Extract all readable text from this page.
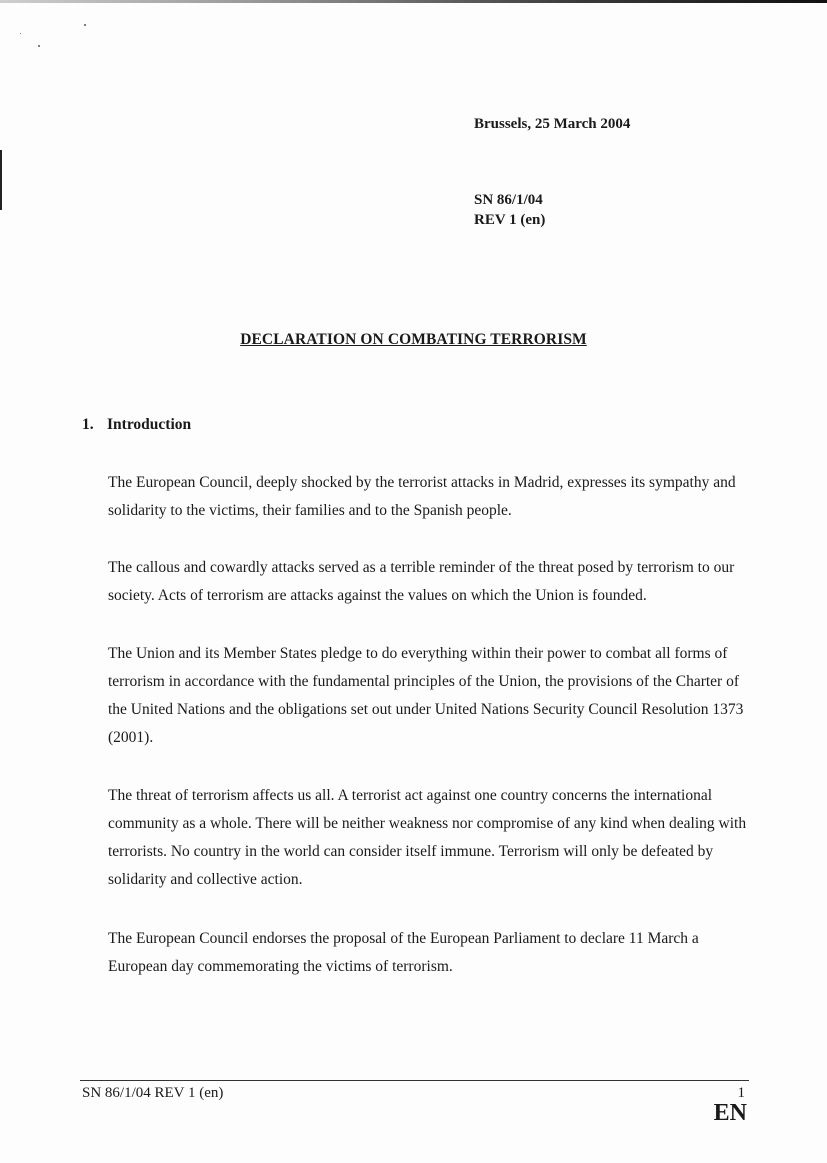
Brussels, 25 March 2004
SN 86/1/04
REV 1 (en)
DECLARATION ON COMBATING TERRORISM
1. Introduction

The European Council, deeply shocked by the terrorist attacks in Madrid, expresses its sympathy and solidarity to the victims, their families and to the Spanish people.

The callous and cowardly attacks served as a terrible reminder of the threat posed by terrorism to our society. Acts of terrorism are attacks against the values on which the Union is founded.

The Union and its Member States pledge to do everything within their power to combat all forms of terrorism in accordance with the fundamental principles of the Union, the provisions of the Charter of the United Nations and the obligations set out under United Nations Security Council Resolution 1373 (2001).

The threat of terrorism affects us all. A terrorist act against one country concerns the international community as a whole. There will be neither weakness nor compromise of any kind when dealing with terrorists. No country in the world can consider itself immune. Terrorism will only be defeated by solidarity and collective action.

The European Council endorses the proposal of the European Parliament to declare 11 March a European day commemorating the victims of terrorism.

SN 86/1/04 REV 1 (en)	1
EN
